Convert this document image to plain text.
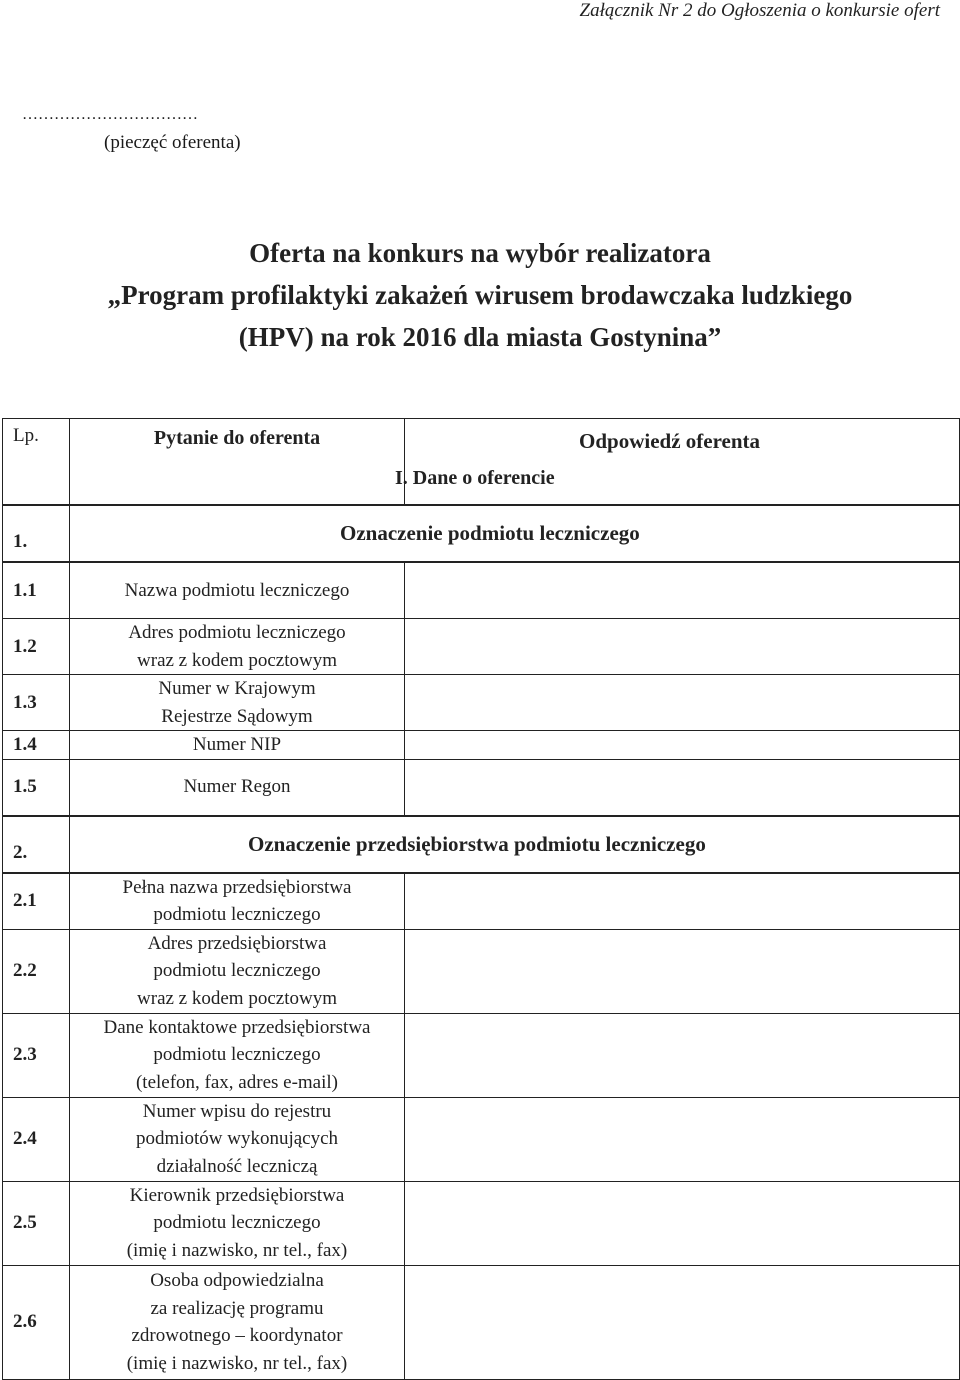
Załącznik Nr 2 do Ogłoszenia o konkursie ofert
……………………………
(pieczęć oferenta)
Oferta na konkurs na wybór realizatora
„Program profilaktyki zakażeń wirusem brodawczaka ludzkiego
(HPV) na rok 2016 dla miasta Gostynina”
Lp.	Pytanie do oferenta	Odpowiedź oferenta
I. Dane o oferencie
1.	Oznaczenie podmiotu leczniczego
1.1	Nazwa podmiotu leczniczego	
1.2	Adres podmiotu leczniczego
wraz z kodem pocztowym	
1.3	Numer w Krajowym
Rejestrze Sądowym	
1.4	Numer NIP	
1.5	Numer Regon	
2.	Oznaczenie przedsiębiorstwa podmiotu leczniczego
2.1	Pełna nazwa przedsiębiorstwa
podmiotu leczniczego	
2.2	Adres przedsiębiorstwa
podmiotu leczniczego
wraz z kodem pocztowym	
2.3	Dane kontaktowe przedsiębiorstwa
podmiotu leczniczego
(telefon, fax, adres e-mail)	
2.4	Numer wpisu do rejestru
podmiotów wykonujących
działalność leczniczą	
2.5	Kierownik przedsiębiorstwa
podmiotu leczniczego
(imię i nazwisko, nr tel., fax)	
2.6	Osoba odpowiedzialna
za realizację programu
zdrowotnego – koordynator
(imię i nazwisko, nr tel., fax)	
